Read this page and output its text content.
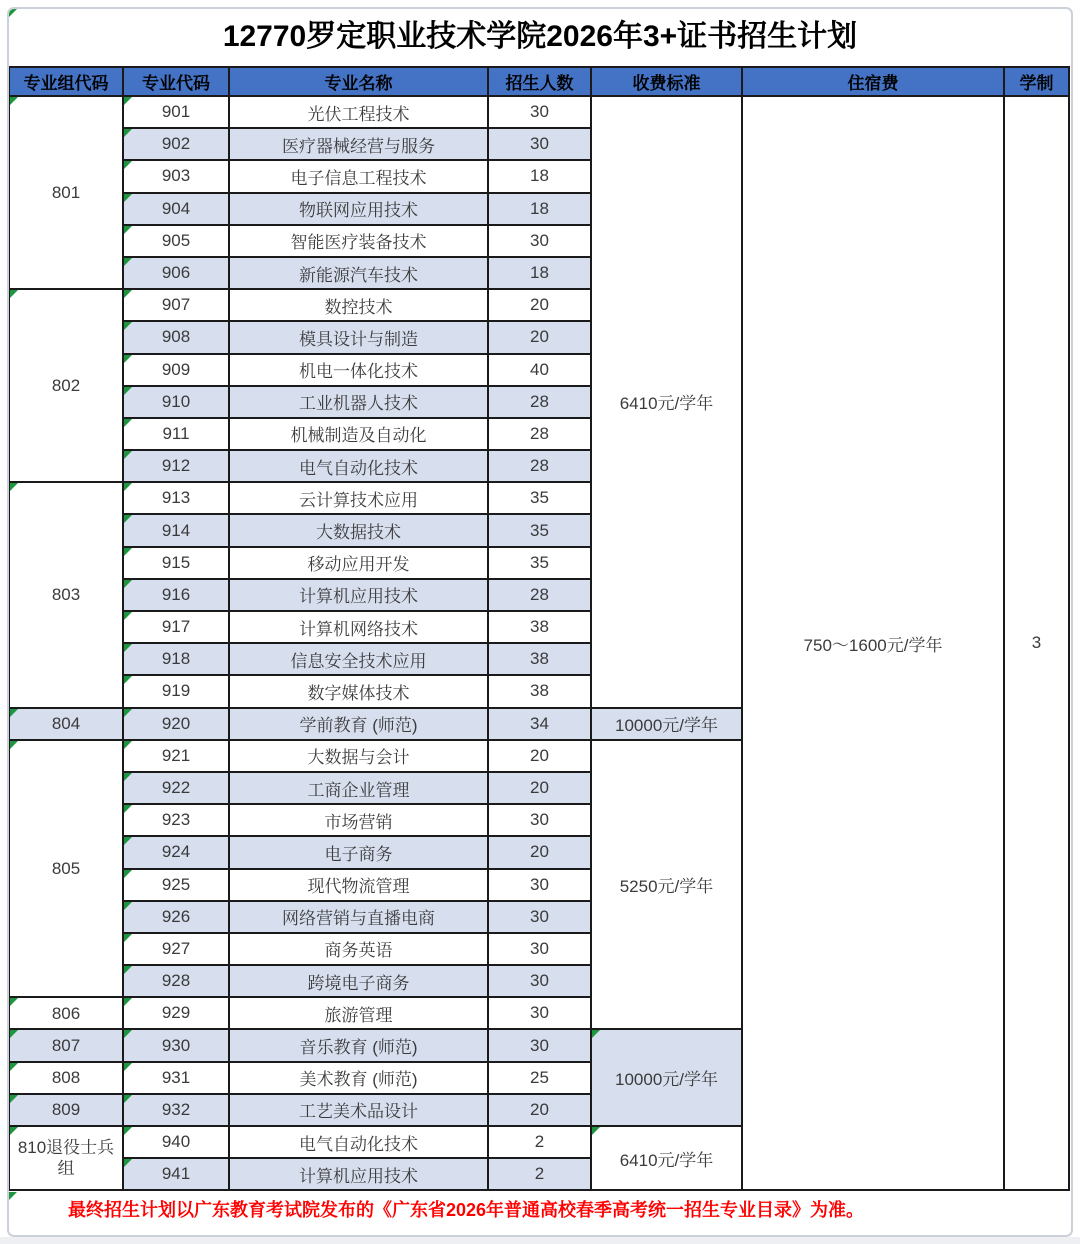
12770罗定职业技术学院2026年3+证书招生计划
专业组代码	专业代码	专业名称	招生人数	收费标准	住宿费	学制

801	901	光伏工程技术	30	6410元/学年	750～1600元/学年	3

902	医疗器械经营与服务	30			

903	电子信息工程技术	18			

904	物联网应用技术	18			

905	智能医疗装备技术	30			

906	新能源汽车技术	18			

802	907	数控技术	20			

908	模具设计与制造	20			

909	机电一体化技术	40			

910	工业机器人技术	28			

911	机械制造及自动化	28			

912	电气自动化技术	28			

803	913	云计算技术应用	35			

914	大数据技术	35			

915	移动应用开发	35			

916	计算机应用技术	28			

917	计算机网络技术	38			

918	信息安全技术应用	38			

919	数字媒体技术	38			

804	920	学前教育 (师范)	34	10000元/学年		

805	921	大数据与会计	20	5250元/学年		

922	工商企业管理	20			

923	市场营销	30			

924	电子商务	20			

925	现代物流管理	30			

926	网络营销与直播电商	30			

927	商务英语	30			

928	跨境电子商务	30			

806	929	旅游管理	30			

807	930	音乐教育 (师范)	30	10000元/学年		

808	931	美术教育 (师范)	25			

809	932	工艺美术品设计	20			

810退役士兵组	940	电气自动化技术	2	6410元/学年		

941	计算机应用技术	2			
最终招生计划以广东教育考试院发布的《广东省2026年普通高校春季高考统一招生专业目录》为准。
